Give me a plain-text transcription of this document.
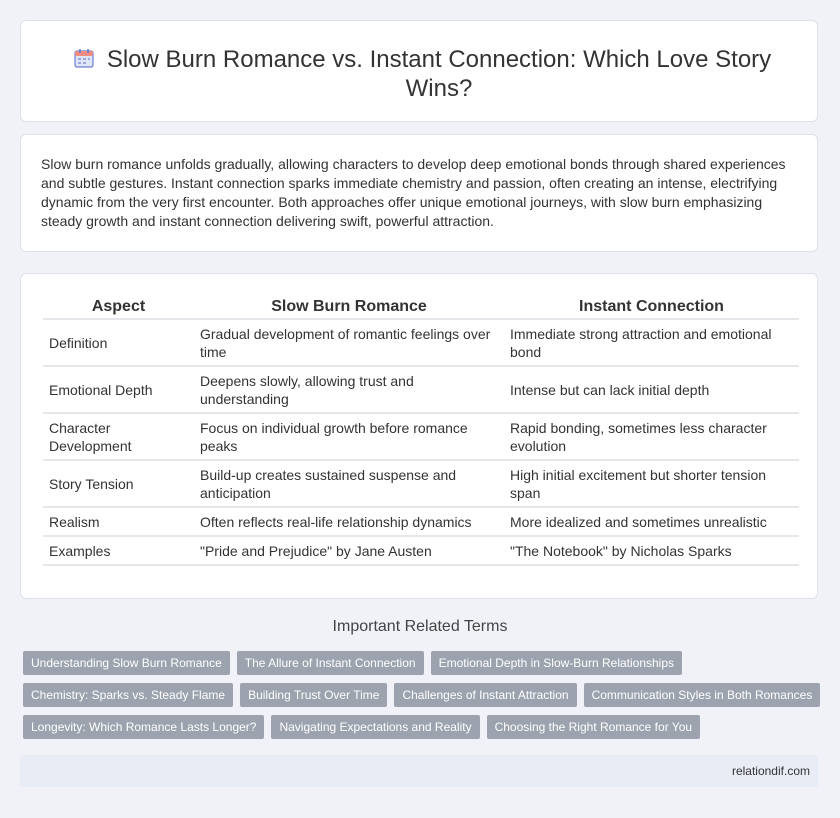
Slow Burn Romance vs. Instant Connection: Which Love Story Wins?
Slow burn romance unfolds gradually, allowing characters to develop deep emotional bonds through shared experiences and subtle gestures. Instant connection sparks immediate chemistry and passion, often creating an intense, electrifying dynamic from the very first encounter. Both approaches offer unique emotional journeys, with slow burn emphasizing steady growth and instant connection delivering swift, powerful attraction.
Aspect	Slow Burn Romance	Instant Connection
Definition	Gradual development of romantic feelings over time	Immediate strong attraction and emotional bond
Emotional Depth	Deepens slowly, allowing trust and understanding	Intense but can lack initial depth
Character Development	Focus on individual growth before romance peaks	Rapid bonding, sometimes less character evolution
Story Tension	Build-up creates sustained suspense and anticipation	High initial excitement but shorter tension span
Realism	Often reflects real-life relationship dynamics	More idealized and sometimes unrealistic
Examples	"Pride and Prejudice" by Jane Austen	"The Notebook" by Nicholas Sparks
Important Related Terms
Understanding Slow Burn Romance	The Allure of Instant Connection	Emotional Depth in Slow-Burn Relationships
Chemistry: Sparks vs. Steady Flame	Building Trust Over Time	Challenges of Instant Attraction	Communication Styles in Both Romances
Longevity: Which Romance Lasts Longer?	Navigating Expectations and Reality	Choosing the Right Romance for You
relationdif.com
